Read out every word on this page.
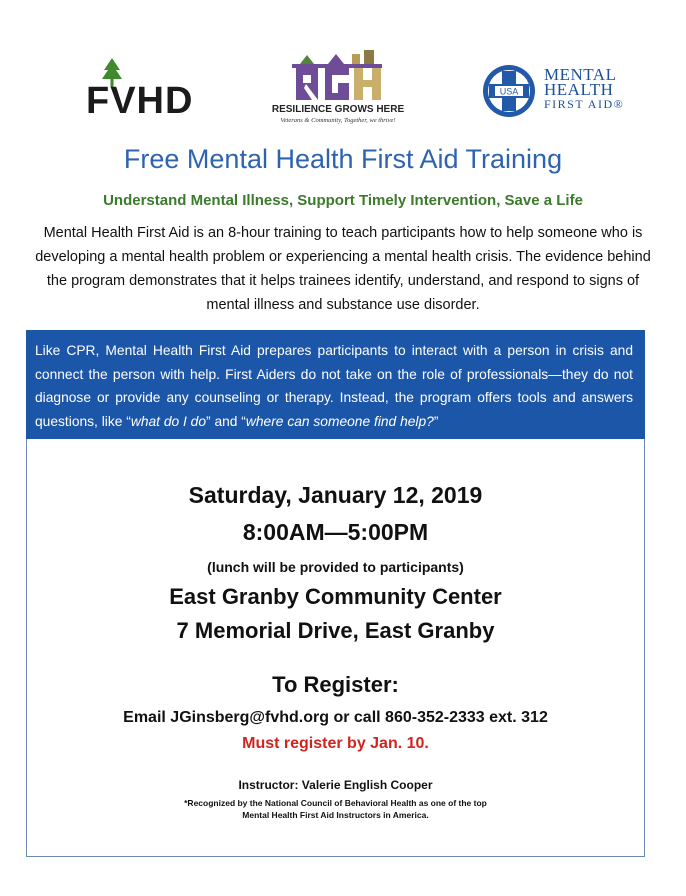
FVHD	RESILIENCE GROWS HERE
Veterans & Community, Together, we thrive!
USA
MENTAL
HEALTH
FIRST AID®
Free Mental Health First Aid Training
Understand Mental Illness, Support Timely Intervention, Save a Life
Mental Health First Aid is an 8-hour training to teach participants how to help someone who is developing a mental health problem or experiencing a mental health crisis. The evidence behind the program demonstrates that it helps trainees identify, understand, and respond to signs of mental illness and substance use disorder.
Like CPR, Mental Health First Aid prepares participants to interact with a person in crisis and connect the person with help. First Aiders do not take on the role of professionals—they do not diagnose or provide any counseling or therapy. Instead, the program offers tools and answers questions, like “what do I do” and “where can someone find help?”
Saturday, January 12, 2019
8:00AM—5:00PM
(lunch will be provided to participants)
East Granby Community Center
7 Memorial Drive, East Granby
To Register:
Email JGinsberg@fvhd.org or call 860-352-2333 ext. 312
Must register by Jan. 10.
Instructor: Valerie English Cooper
*Recognized by the National Council of Behavioral Health as one of the top
Mental Health First Aid Instructors in America.
